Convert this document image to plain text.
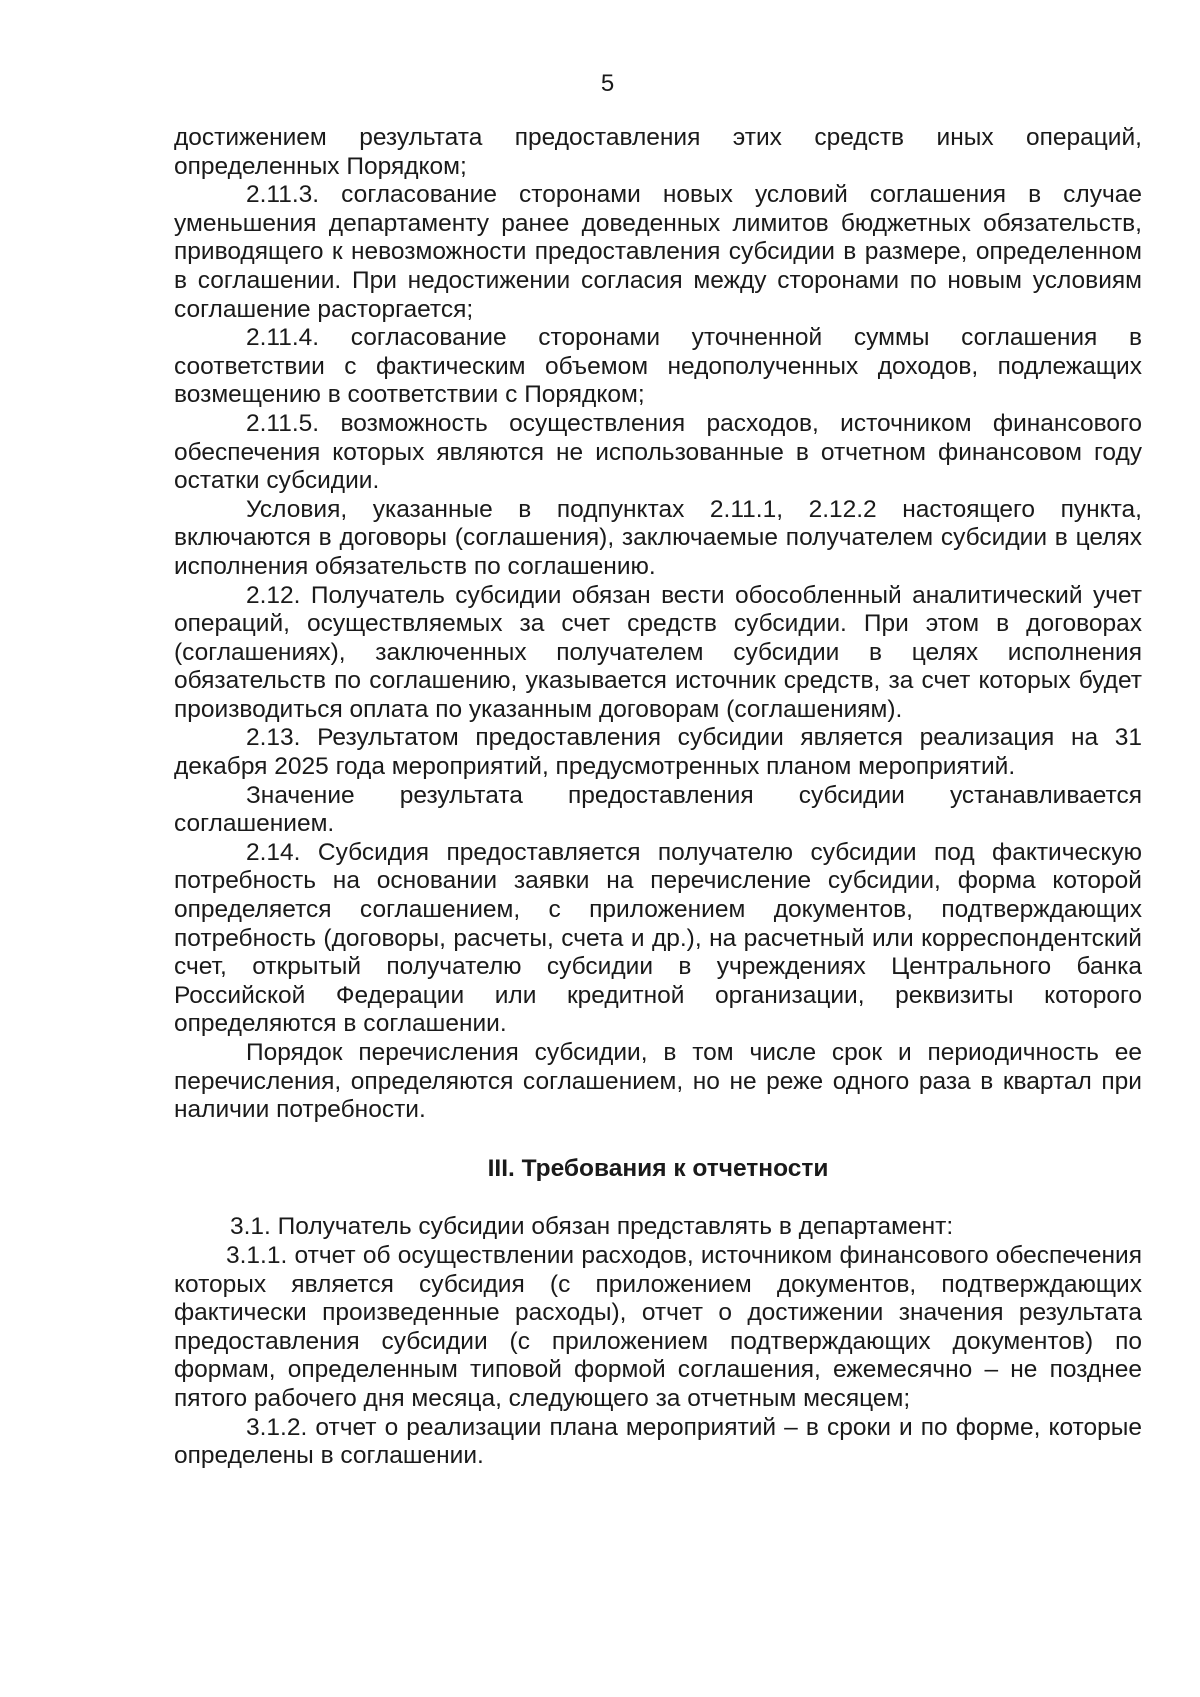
5

достижением результата предоставления этих средств иных операций, определенных Порядком;

2.11.3. согласование сторонами новых условий соглашения в случае уменьшения департаменту ранее доведенных лимитов бюджетных обязательств, приводящего к невозможности предоставления субсидии в размере, определенном в соглашении. При недостижении согласия между сторонами по новым условиям соглашение расторгается;

2.11.4. согласование сторонами уточненной суммы соглашения в соответствии с фактическим объемом недополученных доходов, подлежащих возмещению в соответствии с Порядком;

2.11.5. возможность осуществления расходов, источником финансового обеспечения которых являются не использованные в отчетном финансовом году остатки субсидии.

Условия, указанные в подпунктах 2.11.1, 2.12.2 настоящего пункта, включаются в договоры (соглашения), заключаемые получателем субсидии в целях исполнения обязательств по соглашению.

2.12. Получатель субсидии обязан вести обособленный аналитический учет операций, осуществляемых за счет средств субсидии. При этом в договорах (соглашениях), заключенных получателем субсидии в целях исполнения обязательств по соглашению, указывается источник средств, за счет которых будет производиться оплата по указанным договорам (соглашениям).

2.13. Результатом предоставления субсидии является реализация на 31 декабря 2025 года мероприятий, предусмотренных планом мероприятий.

Значение результата предоставления субсидии устанавливается соглашением.

2.14. Субсидия предоставляется получателю субсидии под фактическую потребность на основании заявки на перечисление субсидии, форма которой определяется соглашением, с приложением документов, подтверждающих потребность (договоры, расчеты, счета и др.), на расчетный или корреспондентский счет, открытый получателю субсидии в учреждениях Центрального банка Российской Федерации или кредитной организации, реквизиты которого определяются в соглашении.

Порядок перечисления субсидии, в том числе срок и периодичность ее перечисления, определяются соглашением, но не реже одного раза в квартал при наличии потребности.

III. Требования к отчетности

3.1. Получатель субсидии обязан представлять в департамент:

3.1.1. отчет об осуществлении расходов, источником финансового обеспечения которых является субсидия (с приложением документов, подтверждающих фактически произведенные расходы), отчет о достижении значения результата предоставления субсидии (с приложением подтверждающих документов) по формам, определенным типовой формой соглашения, ежемесячно – не позднее пятого рабочего дня месяца, следующего за отчетным месяцем;

3.1.2. отчет о реализации плана мероприятий – в сроки и по форме, которые определены в соглашении.
